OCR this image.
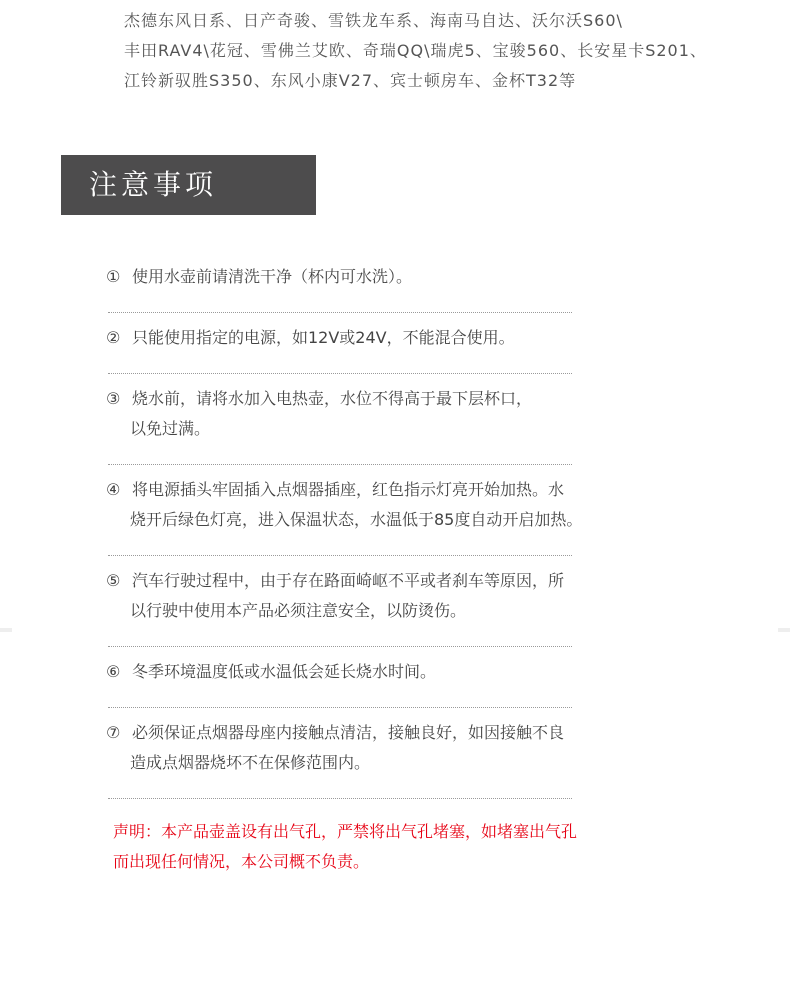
杰德东风日系、日产奇骏、雪铁龙车系、海南马自达、沃尔沃S60\
丰田RAV4\花冠、雪佛兰艾欧、奇瑞QQ\瑞虎5、宝骏560、长安星卡S201、
江铃新驭胜S350、东风小康V27、宾士顿房车、金杯T32等
注意事项
① 使用水壶前请清洗干净（杯内可水洗）。
② 只能使用指定的电源，如12V或24V，不能混合使用。
③ 烧水前，请将水加入电热壶，水位不得高于最下层杯口，
以免过满。
④ 将电源插头牢固插入点烟器插座，红色指示灯亮开始加热。水
烧开后绿色灯亮，进入保温状态，水温低于85度自动开启加热。
⑤ 汽车行驶过程中，由于存在路面崎岖不平或者刹车等原因，所
以行驶中使用本产品必须注意安全，以防烫伤。
⑥ 冬季环境温度低或水温低会延长烧水时间。
⑦ 必须保证点烟器母座内接触点清洁，接触良好，如因接触不良
造成点烟器烧坏不在保修范围内。
声明：本产品壶盖设有出气孔，严禁将出气孔堵塞，如堵塞出气孔
而出现任何情况，本公司概不负责。
